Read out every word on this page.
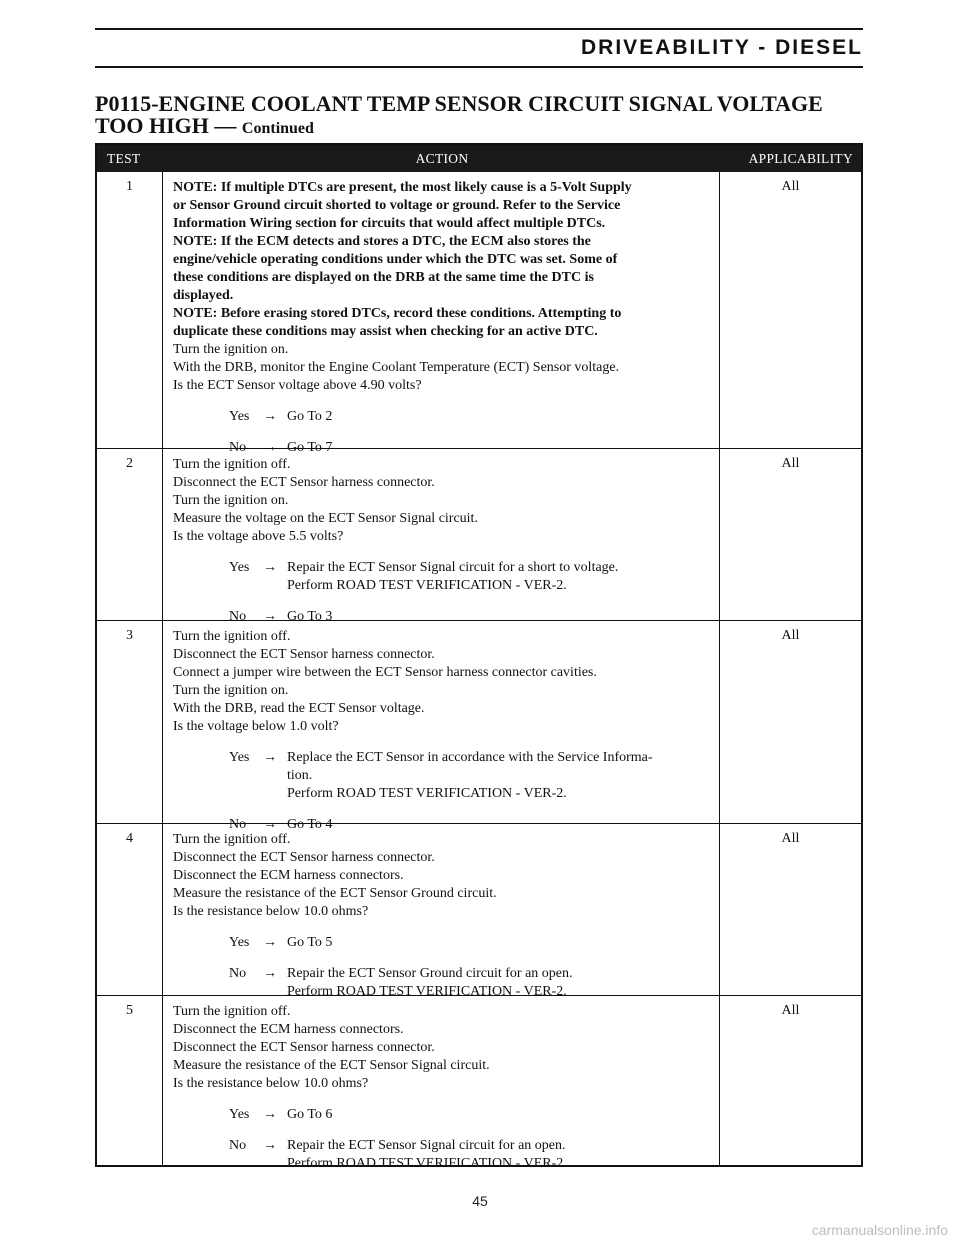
DRIVEABILITY - DIESEL
P0115-ENGINE COOLANT TEMP SENSOR CIRCUIT SIGNAL VOLTAGE
TOO HIGH — Continued
TEST	ACTION	APPLICABILITY
1	NOTE: If multiple DTCs are present, the most likely cause is a 5-Volt Supply
or Sensor Ground circuit shorted to voltage or ground. Refer to the Service
Information Wiring section for circuits that would affect multiple DTCs.
NOTE: If the ECM detects and stores a DTC, the ECM also stores the
engine/vehicle operating conditions under which the DTC was set. Some of
these conditions are displayed on the DRB at the same time the DTC is
displayed.
NOTE: Before erasing stored DTCs, record these conditions. Attempting to
duplicate these conditions may assist when checking for an active DTC.
Turn the ignition on.
With the DRB, monitor the Engine Coolant Temperature (ECT) Sensor voltage.
Is the ECT Sensor voltage above 4.90 volts?
Yes → Go To 2
No	→ Go To 7
All
2	Turn the ignition off.
Disconnect the ECT Sensor harness connector.
Turn the ignition on.
Measure the voltage on the ECT Sensor Signal circuit.
Is the voltage above 5.5 volts?
Yes → Repair the ECT Sensor Signal circuit for a short to voltage.
Perform ROAD TEST VERIFICATION - VER-2.
No	→ Go To 3
All
3	Turn the ignition off.
Disconnect the ECT Sensor harness connector.
Connect a jumper wire between the ECT Sensor harness connector cavities.
Turn the ignition on.
With the DRB, read the ECT Sensor voltage.
Is the voltage below 1.0 volt?
Yes → Replace the ECT Sensor in accordance with the Service Informa-
tion.
Perform ROAD TEST VERIFICATION - VER-2.
No	→ Go To 4
All
4	Turn the ignition off.
Disconnect the ECT Sensor harness connector.
Disconnect the ECM harness connectors.
Measure the resistance of the ECT Sensor Ground circuit.
Is the resistance below 10.0 ohms?
Yes → Go To 5
No	→ Repair the ECT Sensor Ground circuit for an open.
Perform ROAD TEST VERIFICATION - VER-2.
All
5	Turn the ignition off.
Disconnect the ECM harness connectors.
Disconnect the ECT Sensor harness connector.
Measure the resistance of the ECT Sensor Signal circuit.
Is the resistance below 10.0 ohms?
Yes → Go To 6
No	→ Repair the ECT Sensor Signal circuit for an open.
Perform ROAD TEST VERIFICATION - VER-2.
All
45
carmanualsonline.info
